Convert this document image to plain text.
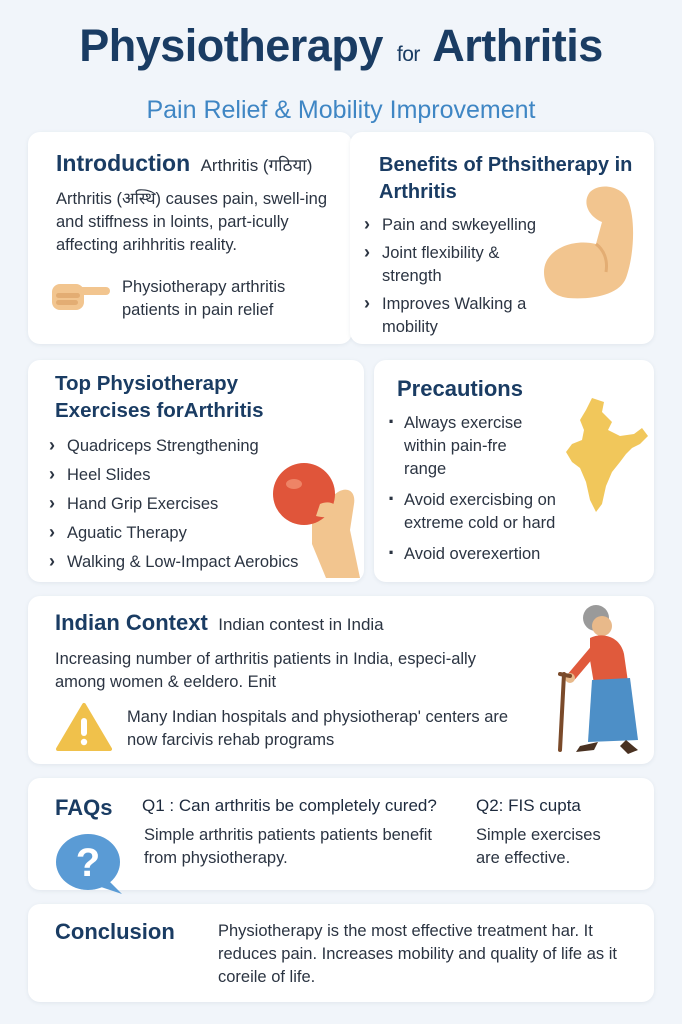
Physiotherapy for Arthritis
Pain Relief & Mobility Improvement
Introduction Arthritis (गठिया)
Arthritis (अस्थि) causes pain, swell-ing and stiffness in loints, part-icully affecting arihhritis reality.
Physiotherapy arthritis patients in pain relief
Benefits of Pthsitherapy in Arthritis
› Pain and swkeyelling
› Joint flexibility & strength
› Improves Walking a mobility
Top Physiotherapy Exercises forArthritis
› Quadriceps Strengthening
› Heel Slides
› Hand Grip Exercises
› Aguatic Therapy
› Walking & Low-Impact Aerobics
Precautions
· Always exercise within pain-fre range
· Avoid exercisbing on extreme cold or hard
· Avoid overexertion
Indian Context Indian contest in India
Increasing number of arthritis patients in India, especi-ally among women & eeldero. Enit
Many Indian hospitals and physiotherap' centers are now farcivis rehab programs
FAQs
?
Q1 : Can arthritis be completely cured?
Simple arthritis patients patients benefit from physiotherapy.
Q2: FIS cupta
Simple exercises are effective.
Conclusion	Physiotherapy is the most effective treatment har. It reduces pain. Increases mobility and quality of life as it coreile of life.
